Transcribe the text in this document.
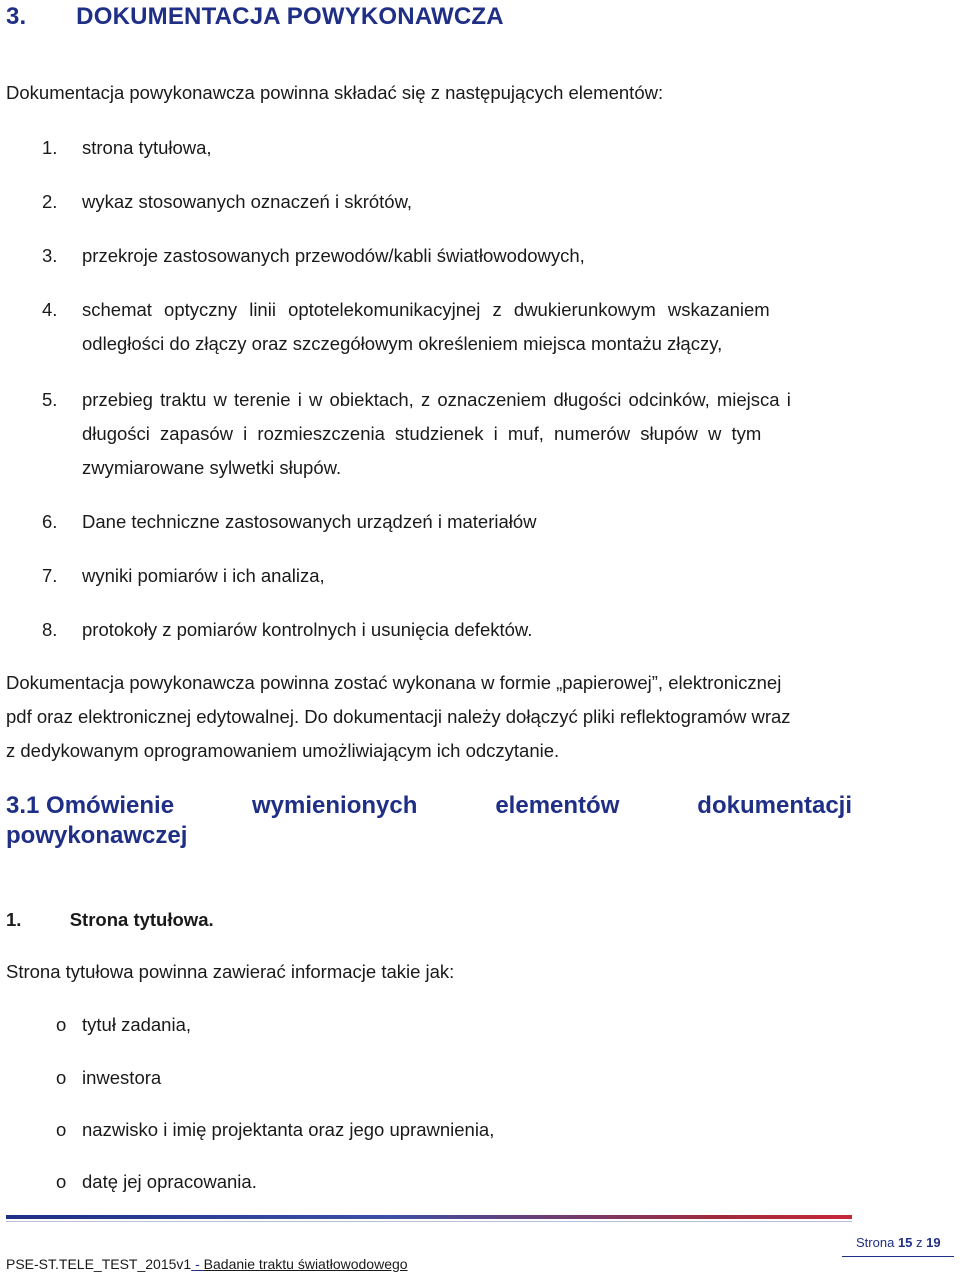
3. DOKUMENTACJA POWYKONAWCZA
Dokumentacja powykonawcza powinna składać się z następujących elementów:
1.	strona tytułowa,
2.	wykaz stosowanych oznaczeń i skrótów,
3.	przekroje zastosowanych przewodów/kabli światłowodowych,
4.	schemat optyczny linii optotelekomunikacyjnej z dwukierunkowym wskazaniem
odległości do złączy oraz szczegółowym określeniem miejsca montażu złączy,
5.	przebieg traktu w terenie i w obiektach, z oznaczeniem długości odcinków, miejsca i
długości zapasów i rozmieszczenia studzienek i muf, numerów słupów w tym
zwymiarowane sylwetki słupów.
6.	Dane techniczne zastosowanych urządzeń i materiałów
7.	wyniki pomiarów i ich analiza,
8.	protokoły z pomiarów kontrolnych i usunięcia defektów.
Dokumentacja powykonawcza powinna zostać wykonana w formie „papierowej”, elektronicznej
pdf oraz elektronicznej edytowalnej. Do dokumentacji należy dołączyć pliki reflektogramów wraz
z dedykowanym oprogramowaniem umożliwiającym ich odczytanie.
3.1 Omówienie	wymienionych	elementów	dokumentacji
powykonawczej
1.	Strona tytułowa.
Strona tytułowa powinna zawierać informacje takie jak:
o tytuł zadania,
o inwestora
o nazwisko i imię projektanta oraz jego uprawnienia,
o datę jej opracowania.
Strona 15 z 19
PSE-ST.TELE_TEST_2015v1 - Badanie traktu światłowodowego
